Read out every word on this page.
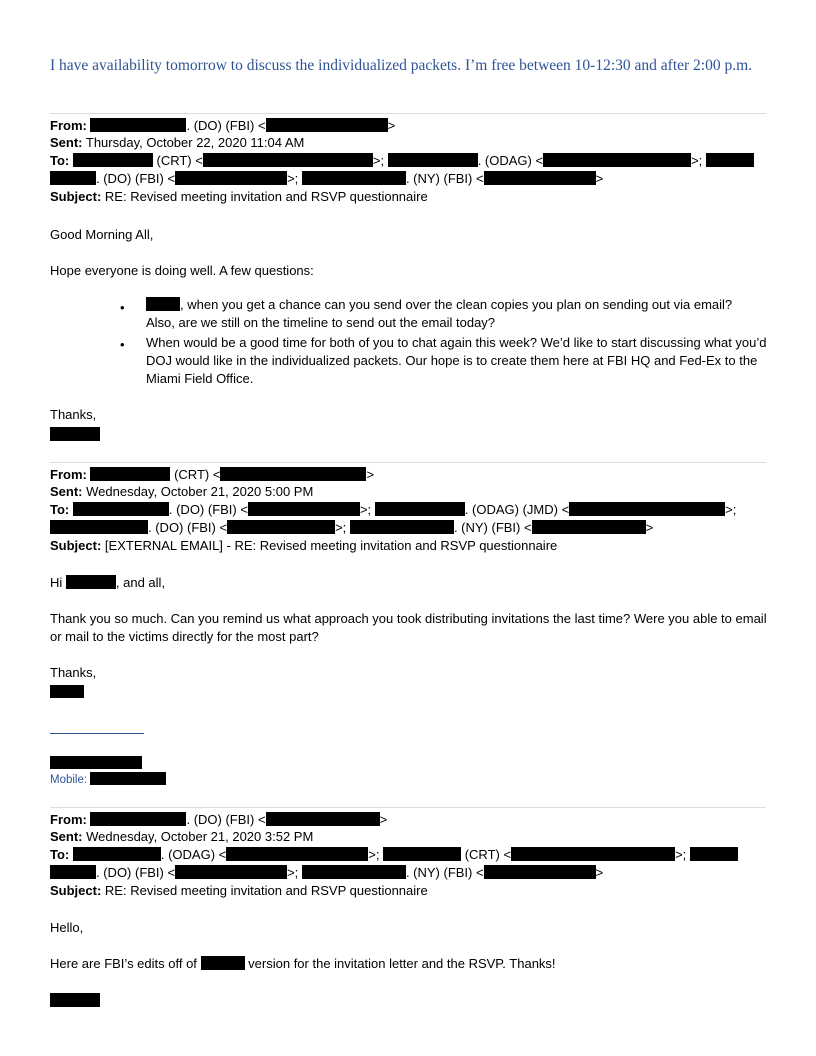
I have availability tomorrow to discuss the individualized packets. I’m free between 10-12:30 and after 2:00 p.m.
From:	. (DO) (FBI) <	>
Sent: Thursday, October 22, 2020 11:04 AM
To:	(CRT) <	>;	. (ODAG) <	>;
. (DO) (FBI) <	>;	. (NY) (FBI) <	>
Subject: RE: Revised meeting invitation and RSVP questionnaire
Good Morning All,
Hope everyone is doing well. A few questions:
•	, when you get a chance can you send over the clean copies you plan on sending out via email?
Also, are we still on the timeline to send out the email today?
• When would be a good time for both of you to chat again this week? We’d like to start discussing what you’d DOJ would like in the individualized packets. Our hope is to create them here at FBI HQ and Fed-Ex to the Miami Field Office.
Thanks,
From:	(CRT) <	>
Sent: Wednesday, October 21, 2020 5:00 PM
To:	. (DO) (FBI) <	>;	. (ODAG) (JMD) <	>;
. (DO) (FBI) <	>;	. (NY) (FBI) <	>
Subject: [EXTERNAL EMAIL] - RE: Revised meeting invitation and RSVP questionnaire
Hi	, and all,
Thank you so much. Can you remind us what approach you took distributing invitations the last time? Were you able to email or mail to the victims directly for the most part?
Thanks,
Mobile:
From:	. (DO) (FBI) <	>
Sent: Wednesday, October 21, 2020 3:52 PM
To:	. (ODAG) <	>;	(CRT) <	>;
. (DO) (FBI) <	>;	. (NY) (FBI) <	>
Subject: RE: Revised meeting invitation and RSVP questionnaire
Hello,
Here are FBI’s edits off of	version for the invitation letter and the RSVP. Thanks!
